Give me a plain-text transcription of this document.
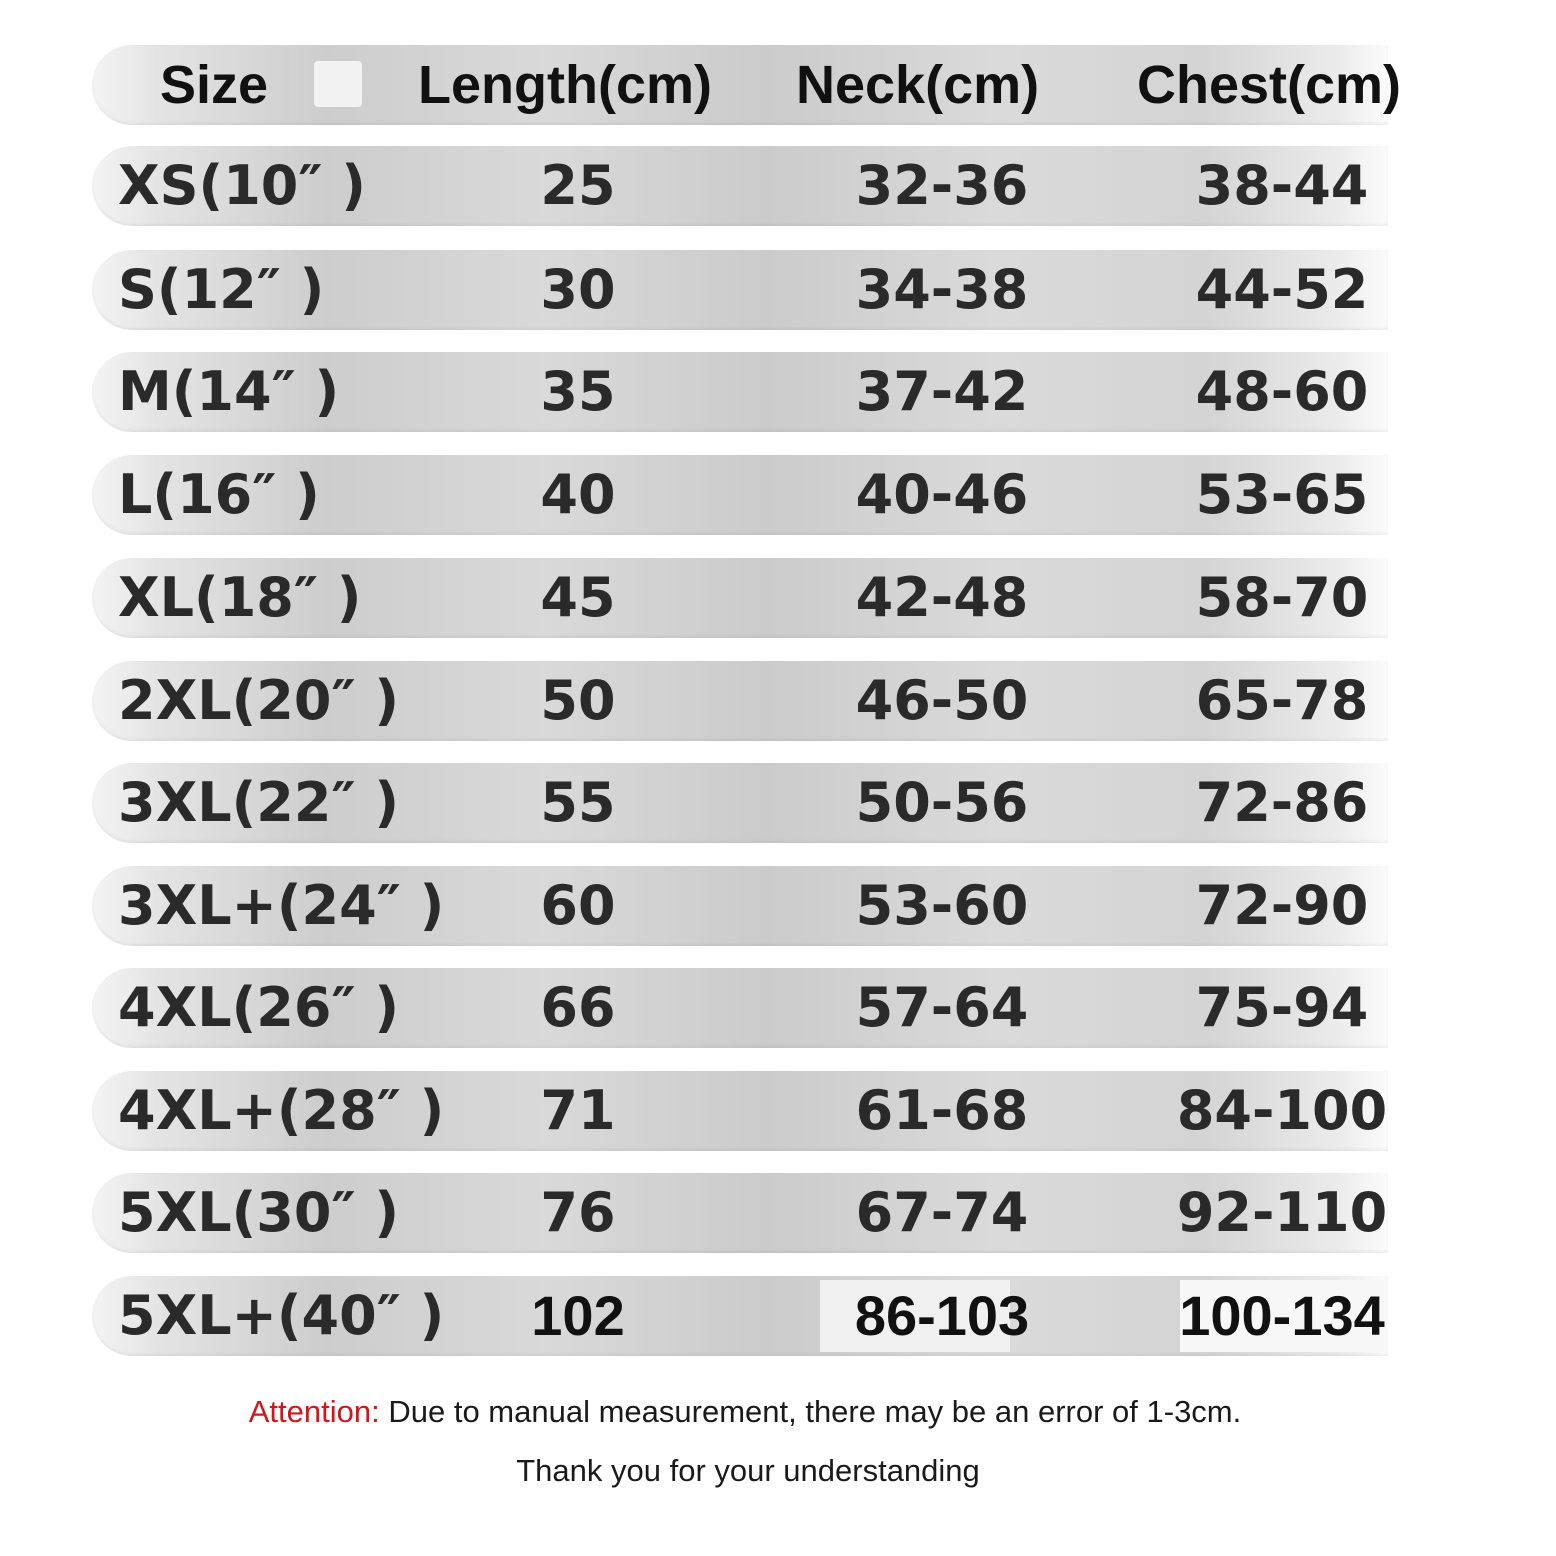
Size	Length(cm) Neck(cm) Chest(cm)
XS(10″ )	25	32-36	38-44
S(12″ )	30	34-38	44-52
M(14″ )	35	37-42	48-60
L(16″ )	40	40-46	53-65
XL(18″ )	45	42-48	58-70
2XL(20″ )	50	46-50	65-78
3XL(22″ )	55	50-56	72-86
3XL+(24″ )	60	53-60	72-90
4XL(26″ )	66	57-64	75-94
4XL+(28″ )	71	61-68	84-100
5XL(30″ )	76	67-74	92-110
5XL+(40″ )	102	86-103	100-134
Attention: Due to manual measurement, there may be an error of 1-3cm.
Thank you for your understanding
